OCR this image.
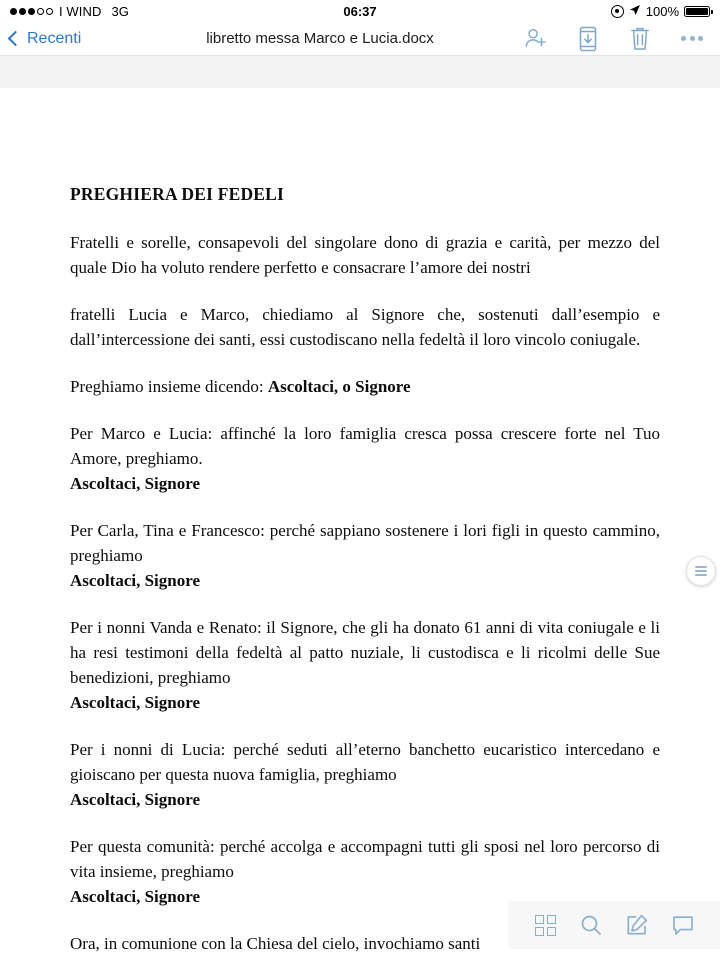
I WIND 3G	06:37	100%
Recenti	libretto messa Marco e Lucia.docx
PREGHIERA DEI FEDELI

Fratelli e sorelle, consapevoli del singolare dono di grazia e carità, per mezzo del quale Dio ha voluto rendere perfetto e consacrare l’amore dei nostri

fratelli Lucia e Marco, chiediamo al Signore che, sostenuti dall’esempio e dall’intercessione dei santi, essi custodiscano nella fedeltà il loro vincolo coniugale.

Preghiamo insieme dicendo: Ascoltaci, o Signore

Per Marco e Lucia: affinché la loro famiglia cresca possa crescere forte nel Tuo Amore, preghiamo.

Ascoltaci, Signore

Per Carla, Tina e Francesco: perché sappiano sostenere i lori figli in questo cammino, preghiamo

Ascoltaci, Signore

Per i nonni Vanda e Renato: il Signore, che gli ha donato 61 anni di vita coniugale e li ha resi testimoni della fedeltà al patto nuziale, li custodisca e li ricolmi delle Sue benedizioni, preghiamo

Ascoltaci, Signore

Per i nonni di Lucia: perché seduti all’eterno banchetto eucaristico intercedano e gioiscano per questa nuova famiglia, preghiamo

Ascoltaci, Signore

Per questa comunità: perché accolga e accompagni tutti gli sposi nel loro percorso di vita insieme, preghiamo

Ascoltaci, Signore

Ora, in comunione con la Chiesa del cielo, invochiamo santi
